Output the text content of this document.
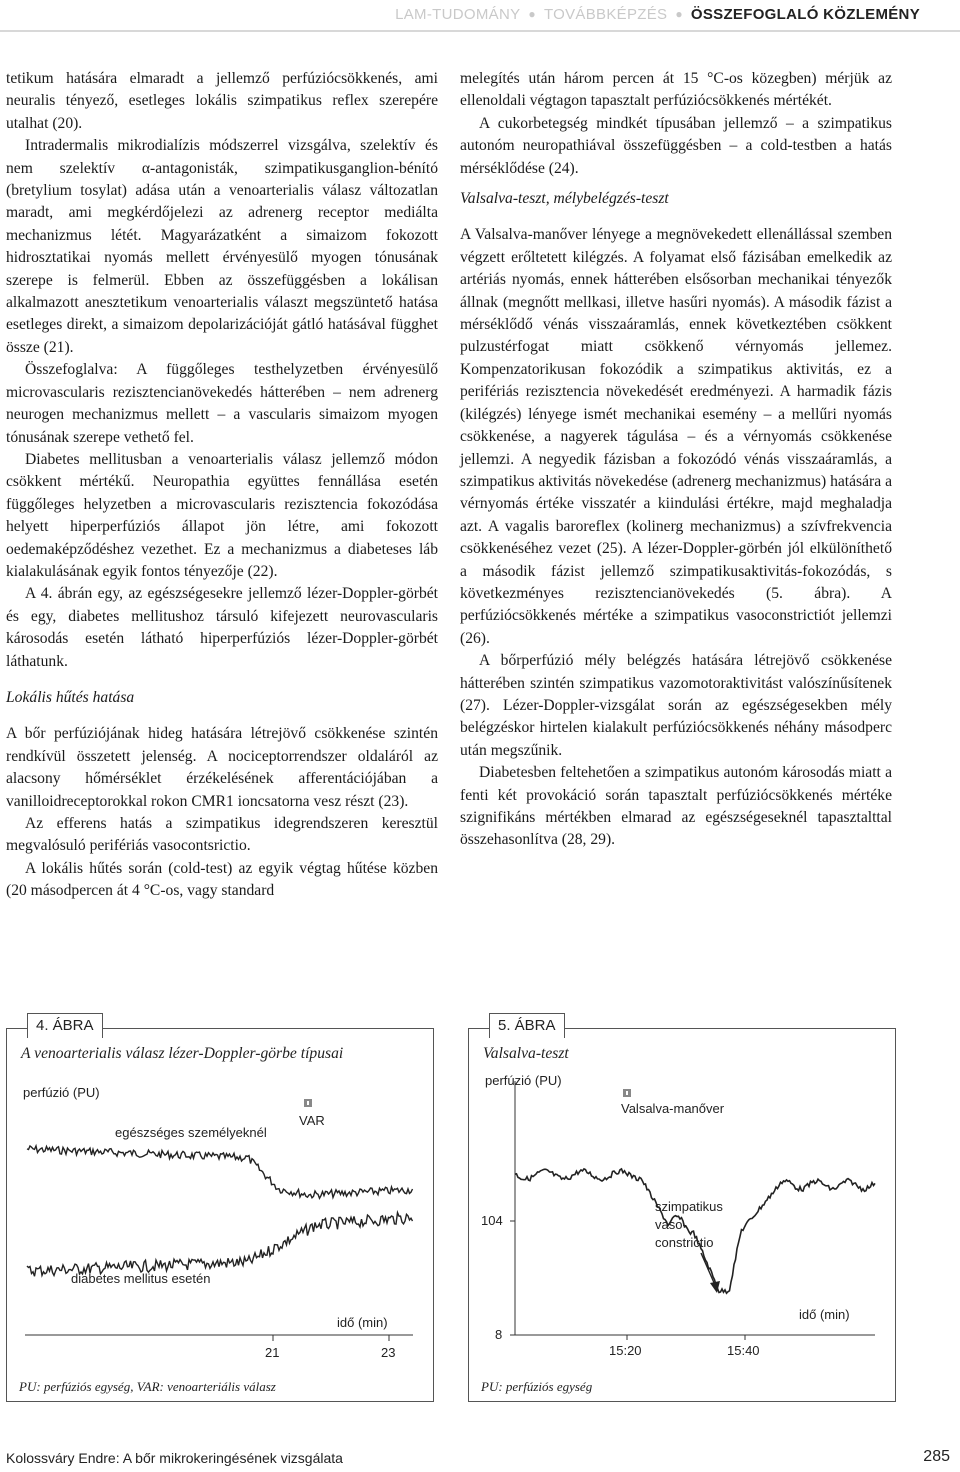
LAM-TUDOMÁNY ● TOVÁBBKÉPZÉS ● ÖSSZEFOGLALÓ KÖZLEMÉNY

tetikum hatására elmaradt a jellemző perfúziócsökkenés, ami neuralis tényező, esetleges lokális szimpatikus reflex szerepére utalhat (20).

Intradermalis mikrodialízis módszerrel vizsgálva, szelektív és nem szelektív α-antagonisták, szimpatikusganglion-bénító (bretylium tosylat) adása után a venoarterialis válasz változatlan maradt, ami megkérdőjelezi az adrenerg receptor mediálta mechanizmus létét. Magyarázatként a simaizom fokozott hidrosztatikai nyomás mellett érvényesülő myogen tónusának szerepe is felmerül. Ebben az összefüggésben a lokálisan alkalmazott anesztetikum venoarterialis választ megszüntető hatása esetleges direkt, a simaizom depolarizációját gátló hatásával függhet össze (21).

Összefoglalva: A függőleges testhelyzetben érvényesülő microvascularis rezisztencianövekedés hátterében – nem adrenerg neurogen mechanizmus mellett – a vascularis simaizom myogen tónusának szerepe vethető fel.

Diabetes mellitusban a venoarterialis válasz jellemző módon csökkent mértékű. Neuropathia együttes fennállása esetén függőleges helyzetben a microvascularis rezisztencia fokozódása helyett hiperperfúziós állapot jön létre, ami fokozott oedemaképződéshez vezethet. Ez a mechanizmus a diabeteses láb kialakulásának egyik fontos tényezője (22).

A 4. ábrán egy, az egészségesekre jellemző lézer-Doppler-görbét és egy, diabetes mellitushoz társuló kifejezett neurovascularis károsodás esetén látható hiperperfúziós lézer-Doppler-görbét láthatunk.

Lokális hűtés hatása

A bőr perfúziójának hideg hatására létrejövő csökkenése szintén rendkívül összetett jelenség. A nociceptorrendszer oldaláról az alacsony hőmérséklet érzékelésének afferentációjában a vanilloidreceptorokkal rokon CMR1 ioncsatorna vesz részt (23).

Az efferens hatás a szimpatikus idegrendszeren keresztül megvalósuló perifériás vasocontsrictio.

A lokális hűtés során (cold-test) az egyik végtag hűtése közben (20 másodpercen át 4 °C-os, vagy standard

melegítés után három percen át 15 °C-os közegben) mérjük az ellenoldali végtagon tapasztalt perfúziócsökkenés mértékét.

A cukorbetegség mindkét típusában jellemző – a szimpatikus autonóm neuropathiával összefüggésben – a cold-testben a hatás mérséklődése (24).

Valsalva-teszt, mélybelégzés-teszt

A Valsalva-manőver lényege a megnövekedett ellenállással szemben végzett erőltetett kilégzés. A folyamat első fázisában emelkedik az artériás nyomás, ennek hátterében elsősorban mechanikai tényezők állnak (megnőtt mellkasi, illetve hasűri nyomás). A második fázist a mérséklődő vénás visszaáramlás, ennek következtében csökkent pulzustérfogat miatt csökkenő vérnyomás jellemez. Kompenzatorikusan fokozódik a szimpatikus aktivitás, ez a perifériás rezisztencia növekedését eredményezi. A harmadik fázis (kilégzés) lényege ismét mechanikai esemény – a mellűri nyomás csökkenése, a nagyerek tágulása – és a vérnyomás csökkenése jellemzi. A negyedik fázisban a fokozódó vénás visszaáramlás, a szimpatikus aktivitás növekedése (adrenerg mechanizmus) hatására a vérnyomás értéke visszatér a kiindulási értékre, majd meghaladja azt. A vagalis baroreflex (kolinerg mechanizmus) a szívfrekvencia csökkenéséhez vezet (25). A lézer-Doppler-görbén jól elkülöníthető a második fázist jellemző szimpatikusaktivitás-fokozódás, s következményes rezisztencianövekedés (5. ábra). A perfúziócsökkenés mértéke a szimpatikus vasoconstrictiót jellemzi (26).

A bőrperfúzió mély belégzés hatására létrejövő csökkenése hátterében szintén szimpatikus vazomotoraktivitást valószínűsítenek (27). Lézer-Doppler-vizsgálat során az egészségesekben mély belégzéskor hirtelen kialakult perfúziócsökkenés néhány másodperc után megszűnik.

Diabetesben feltehetően a szimpatikus autonóm károsodás miatt a fenti két provokáció során tapasztalt perfúziócsökkenés mértéke szignifikáns mértékben elmarad az egészségeseknél tapasztalttal összehasonlítva (28, 29).

4. ÁBRA
A venoarterialis válasz lézer-Doppler-görbe típusai
perfúzió (PU)
egészséges személyeknél
VAR
diabetes mellitus esetén
idő (min)
21	23
PU: perfúziós egység, VAR: venoarteriális válasz
5. ÁBRA
Valsalva-teszt
perfúzió (PU)
Valsalva-manőver
szimpatikus
vaso-
constrictio
104
8
idő (min)
15:20	15:40
PU: perfúziós egység
Kolossváry Endre: A bőr mikrokeringésének vizsgálata	285
